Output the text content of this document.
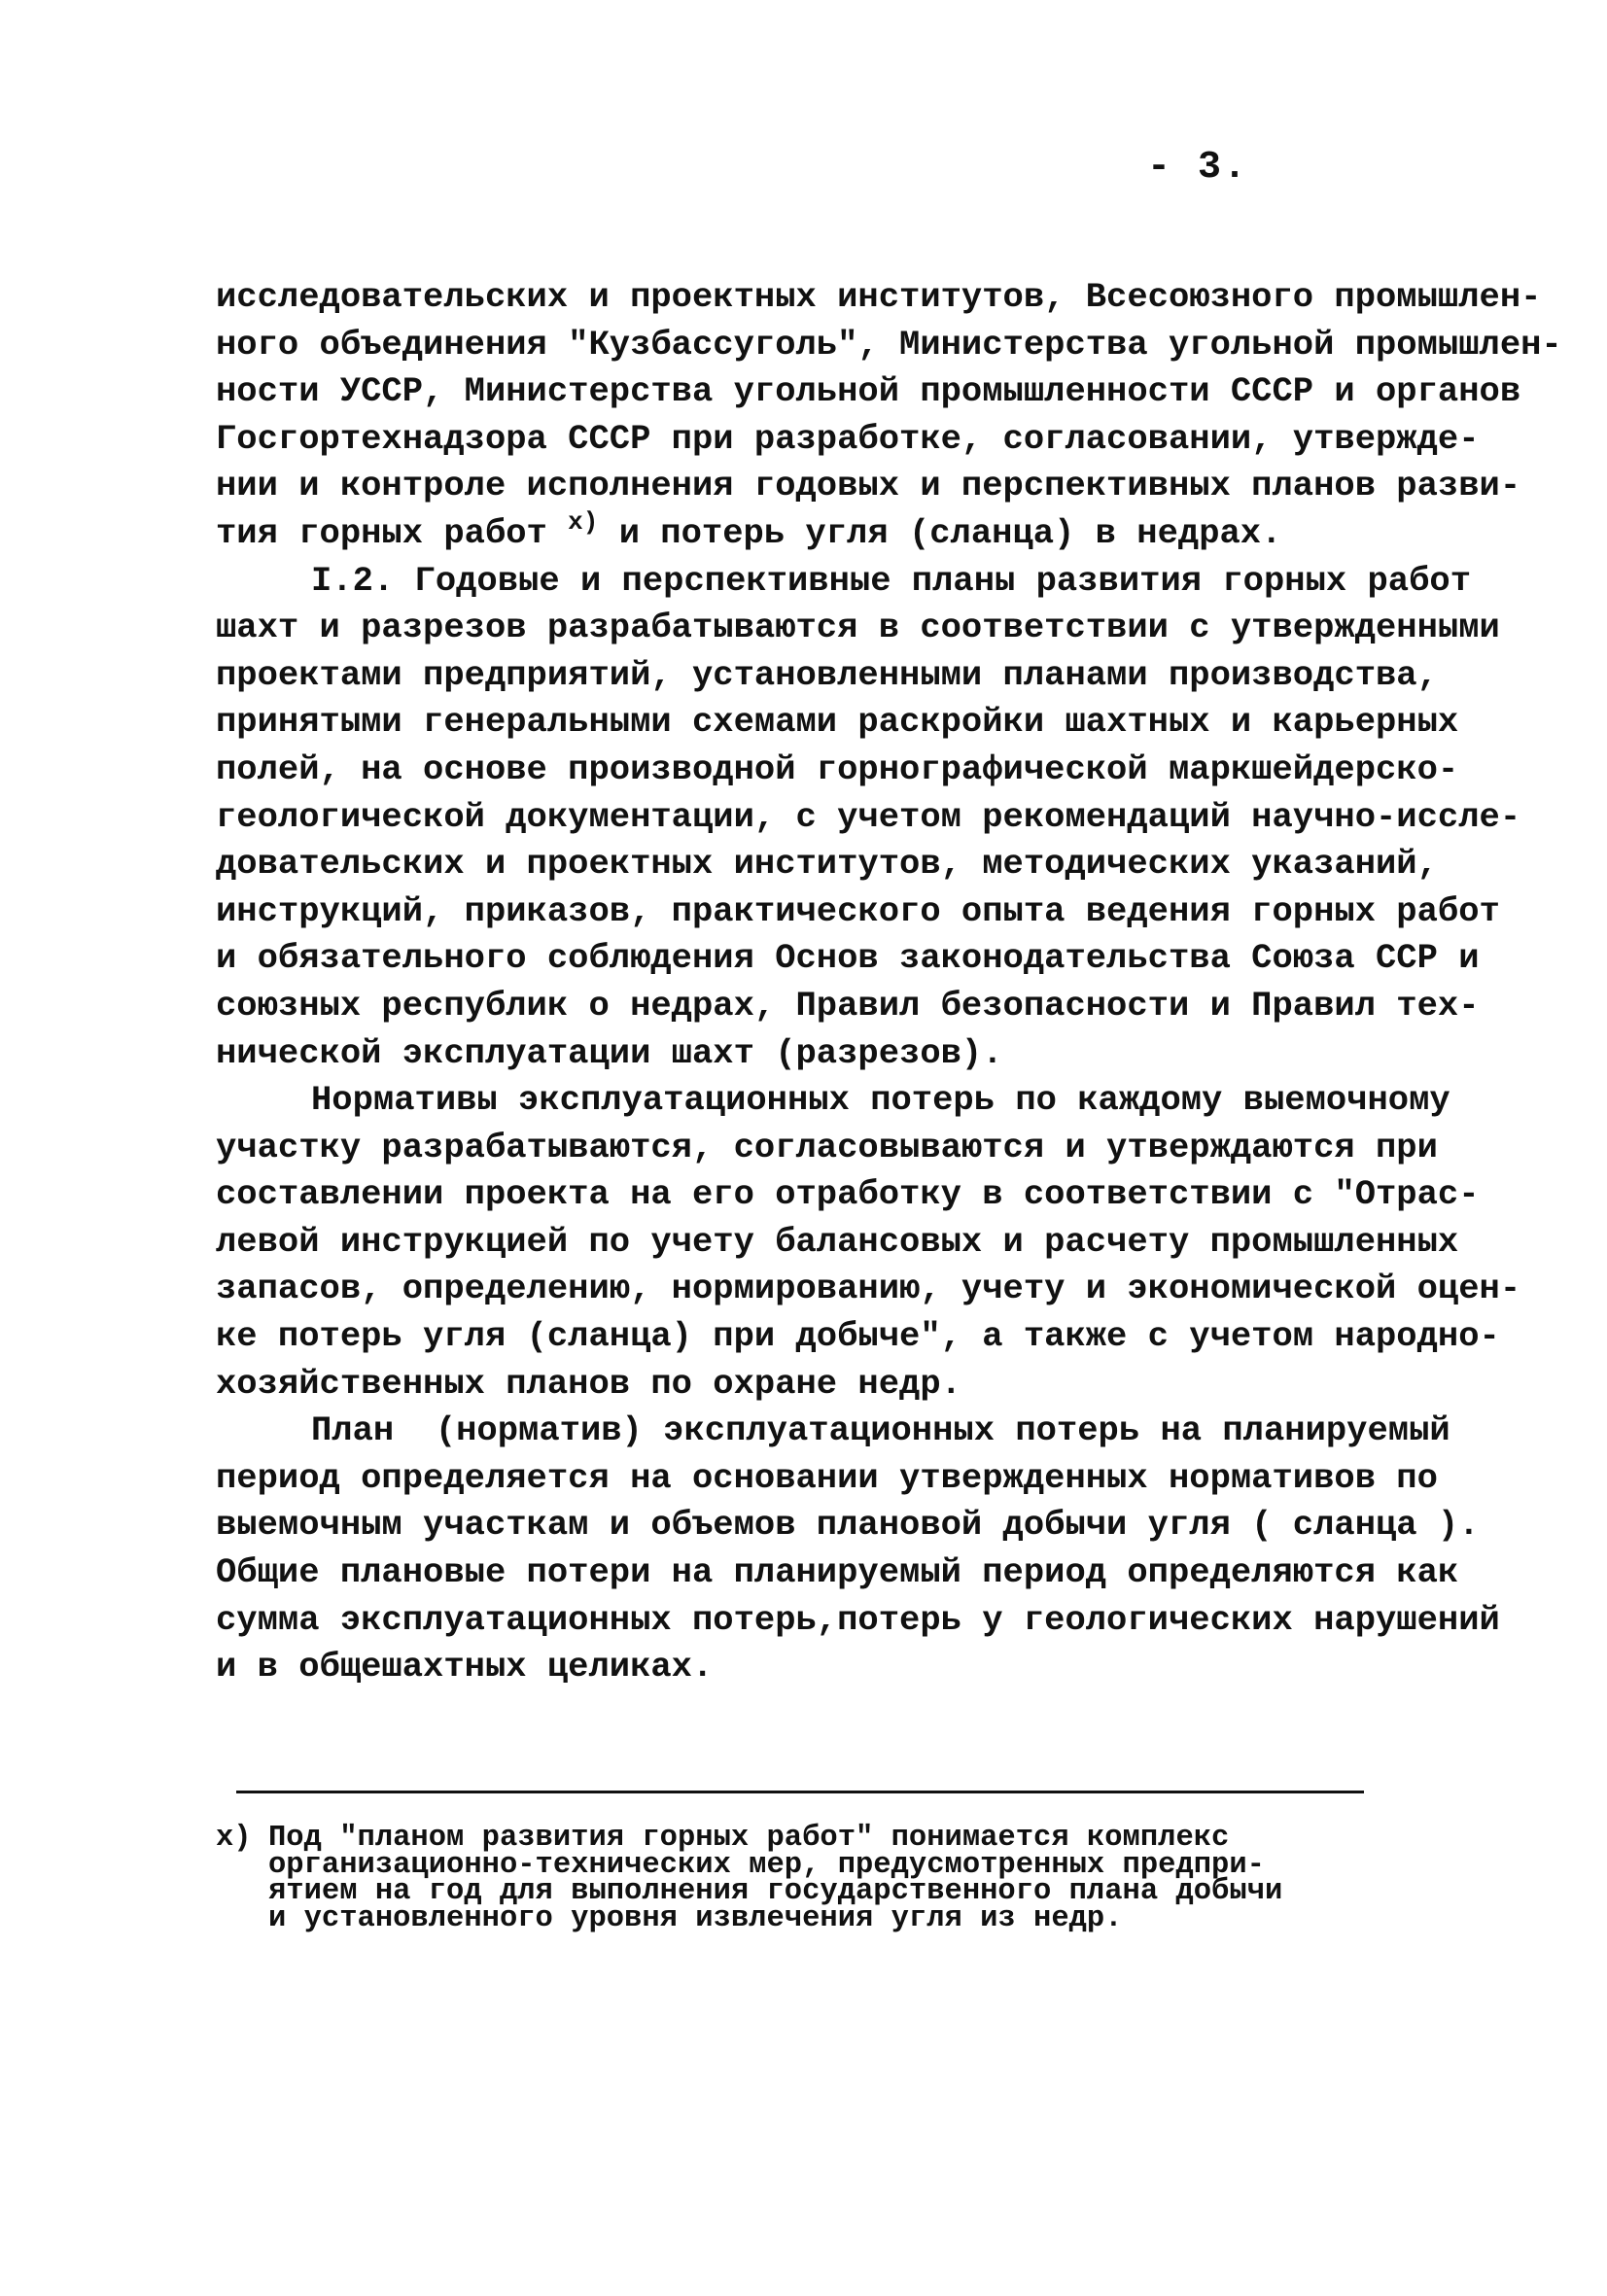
- 3.
исследовательских и проектных институтов, Всесоюзного промышлен-
ного объединения "Кузбассуголь", Министерства угольной промышлен-
ности УССР, Министерства угольной промышленности СССР и органов
Госгортехнадзора СССР при разработке, согласовании, утвержде-
нии и контроле исполнения годовых и перспективных планов разви-
тия горных работ $^{х)}$ и потерь угля (сланца) в недрах.
I.2. Годовые и перспективные планы развития горных работ
шахт и разрезов разрабатываются в соответствии с утвержденными
проектами предприятий, установленными планами производства,
принятыми генеральными схемами раскройки шахтных и карьерных
полей, на основе производной горнографической маркшейдерско-
геологической документации, с учетом рекомендаций научно-иссле-
довательских и проектных институтов, методических указаний,
инструкций, приказов, практического опыта ведения горных работ
и обязательного соблюдения Основ законодательства Союза ССР и
союзных республик о недрах, Правил безопасности и Правил тех-
нической эксплуатации шахт (разрезов).
Нормативы эксплуатационных потерь по каждому выемочному
участку разрабатываются, согласовываются и утверждаются при
составлении проекта на его отработку в соответствии с "Отрас-
левой инструкцией по учету балансовых и расчету промышленных
запасов, определению, нормированию, учету и экономической оцен-
ке потерь угля (сланца) при добыче", а также с учетом народно-
хозяйственных планов по охране недр.
План  (норматив) эксплуатационных потерь на планируемый
период определяется на основании утвержденных нормативов по
выемочным участкам и объемов плановой добычи угля ( сланца ).
Общие плановые потери на планируемый период определяются как
сумма эксплуатационных потерь,потерь у геологических нарушений
и в общешахтных целиках.
х) Под "планом развития горных работ" понимается комплекс
организационно-технических мер, предусмотренных предпри-
ятием на год для выполнения государственного плана добычи
и установленного уровня извлечения угля из недр.
